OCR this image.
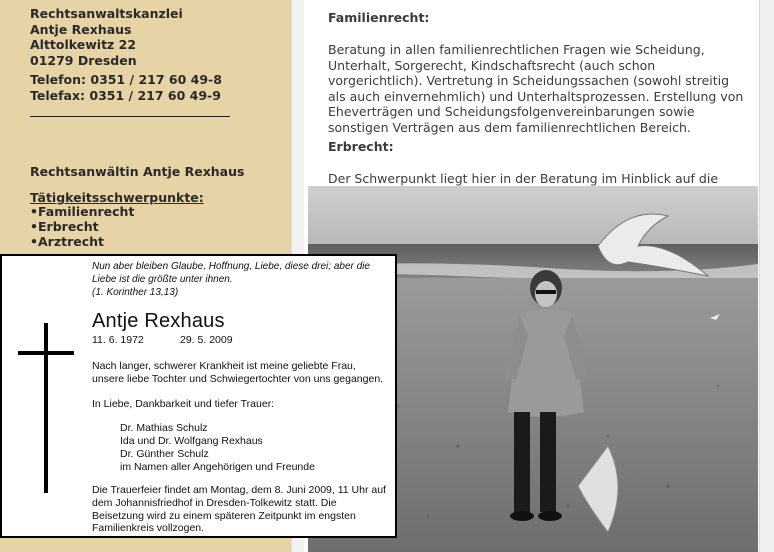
Rechtsanwaltskanzlei
Antje Rexhaus
Alttolkewitz 22
01279 Dresden
Telefon: 0351 / 217 60 49-8
Telefax: 0351 / 217 60 49-9
Rechtsanwältin Antje Rexhaus
Tätigkeitsschwerpunkte:
• Familienrecht
• Erbrecht
• Arztrecht
Familienrecht:

Beratung in allen familienrechtlichen Fragen wie Scheidung, Unterhalt, Sorgerecht, Kindschaftsrecht (auch schon vorgerichtlich). Vertretung in Scheidungssachen (sowohl streitig als auch einvernehmlich) und Unterhaltsprozessen. Erstellung von Eheverträgen und Scheidungsfolgenvereinbarungen sowie sonstigen Verträgen aus dem familienrechtlichen Bereich.

Erbrecht:

Der Schwerpunkt liegt hier in der Beratung im Hinblick auf die

Nun aber bleiben Glaube, Hoffnung, Liebe, diese drei; aber die Liebe ist die größte unter ihnen.

(1. Korinther 13,13)
Antje Rexhaus
11. 6. 1972	29. 5. 2009

Nach langer, schwerer Krankheit ist meine geliebte Frau, unsere liebe Tochter und Schwiegertochter von uns gegangen.

In Liebe, Dankbarkeit und tiefer Trauer:

Dr. Mathias Schulz
Ida und Dr. Wolfgang Rexhaus
Dr. Günther Schulz
im Namen aller Angehörigen und Freunde

Die Trauerfeier findet am Montag, dem 8. Juni 2009, 11 Uhr auf dem Johannisfriedhof in Dresden-Tolkewitz statt. Die Beisetzung wird zu einem späteren Zeitpunkt im engsten Familienkreis vollzogen.
